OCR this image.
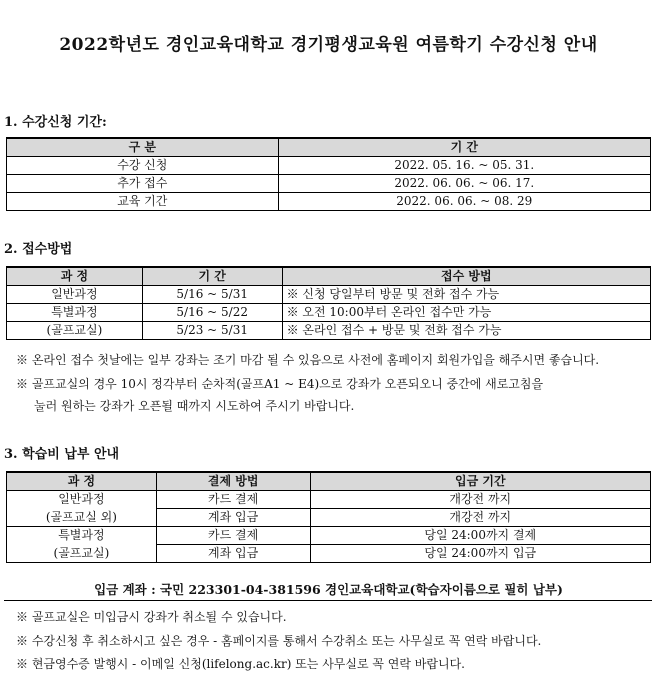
2022학년도 경인교육대학교 경기평생교육원 여름학기 수강신청 안내
1. 수강신청 기간:
구 분	기 간
수강 신청	2022. 05. 16. ~ 05. 31.
추가 접수	2022. 06. 06. ~ 06. 17.
교육 기간	2022. 06. 06. ~ 08. 29
2. 접수방법
과 정	기 간	접수 방법
일반과정	5/16 ~ 5/31	※ 신청 당일부터 방문 및 전화 접수 가능
특별과정	5/16 ~ 5/22	※ 오전 10:00부터 온라인 접수만 가능
(골프교실)	5/23 ~ 5/31	※ 온라인 접수 + 방문 및 전화 접수 가능
※ 온라인 접수 첫날에는 일부 강좌는 조기 마감 될 수 있음으로 사전에 홈페이지 회원가입을 해주시면 좋습니다.
※ 골프교실의 경우 10시 정각부터 순차적(골프A1 ~ E4)으로 강좌가 오픈되오니 중간에 새로고침을
눌러 원하는 강좌가 오픈될 때까지 시도하여 주시기 바랍니다.
3. 학습비 납부 안내
과 정	결제 방법	입금 기간
일반과정	카드 결제	개강전 까지
(골프교실 외)	계좌 입금	개강전 까지
특별과정	카드 결제	당일 24:00까지 결제
(골프교실)	계좌 입금	당일 24:00까지 입금
입금 계좌 : 국민 223301-04-381596 경인교육대학교(학습자이름으로 필히 납부)
※ 골프교실은 미입금시 강좌가 취소될 수 있습니다.
※ 수강신청 후 취소하시고 싶은 경우 - 홈페이지를 통해서 수강취소 또는 사무실로 꼭 연락 바랍니다.
※ 현금영수증 발행시 - 이메일 신청(lifelong.ac.kr) 또는 사무실로 꼭 연락 바랍니다.
